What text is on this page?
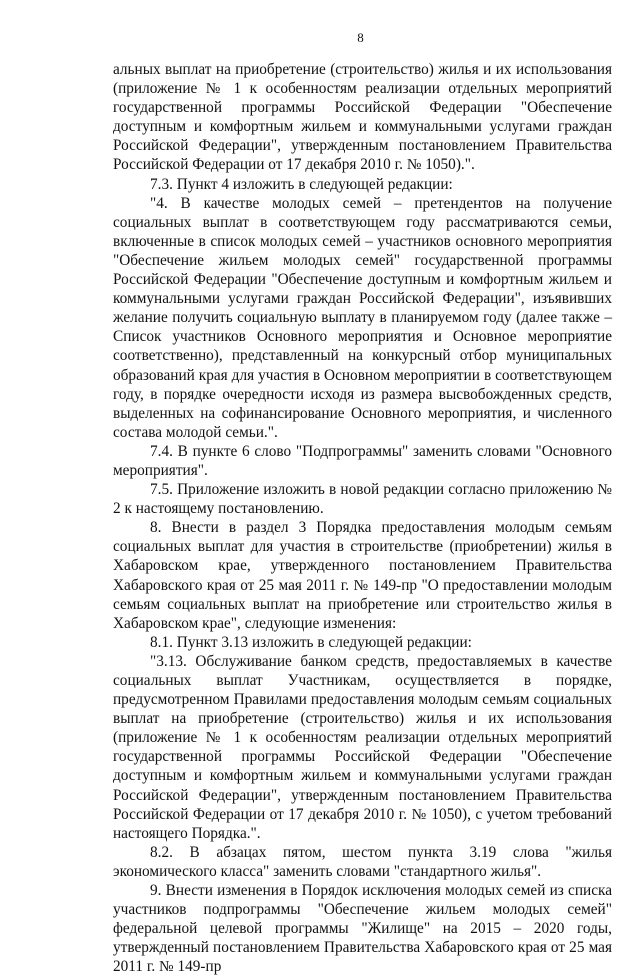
8

альных выплат на приобретение (строительство) жилья и их использования (приложение № 1 к особенностям реализации отдельных мероприятий государственной программы Российской Федерации "Обеспечение доступным и комфортным жильем и коммунальными услугами граждан Российской Федерации", утвержденным постановлением Правительства Российской Федерации от 17 декабря 2010 г. № 1050).".

7.3. Пункт 4 изложить в следующей редакции:

"4. В качестве молодых семей – претендентов на получение социальных выплат в соответствующем году рассматриваются семьи, включенные в список молодых семей – участников основного мероприятия "Обеспечение жильем молодых семей" государственной программы Российской Федерации "Обеспечение доступным и комфортным жильем и коммунальными услугами граждан Российской Федерации", изъявивших желание получить социальную выплату в планируемом году (далее также – Список участников Основного мероприятия и Основное мероприятие соответственно), представленный на конкурсный отбор муниципальных образований края для участия в Основном мероприятии в соответствующем году, в порядке очередности исходя из размера высвобожденных средств, выделенных на софинансирование Основного мероприятия, и численного состава молодой семьи.".

7.4. В пункте 6 слово "Подпрограммы" заменить словами "Основного мероприятия".

7.5. Приложение изложить в новой редакции согласно приложению № 2 к настоящему постановлению.

8. Внести в раздел 3 Порядка предоставления молодым семьям социальных выплат для участия в строительстве (приобретении) жилья в Хабаровском крае, утвержденного постановлением Правительства Хабаровского края от 25 мая 2011 г. № 149-пр "О предоставлении молодым семьям социальных выплат на приобретение или строительство жилья в Хабаровском крае", следующие изменения:

8.1. Пункт 3.13 изложить в следующей редакции:

"3.13. Обслуживание банком средств, предоставляемых в качестве социальных выплат Участникам, осуществляется в порядке, предусмотренном Правилами предоставления молодым семьям социальных выплат на приобретение (строительство) жилья и их использования (приложение № 1 к особенностям реализации отдельных мероприятий государственной программы Российской Федерации "Обеспечение доступным и комфортным жильем и коммунальными услугами граждан Российской Федерации", утвержденным постановлением Правительства Российской Федерации от 17 декабря 2010 г. № 1050), с учетом требований настоящего Порядка.".

8.2. В абзацах пятом, шестом пункта 3.19 слова "жилья экономического класса" заменить словами "стандартного жилья".

9. Внести изменения в Порядок исключения молодых семей из списка участников подпрограммы "Обеспечение жильем молодых семей" федеральной целевой программы "Жилище" на 2015 – 2020 годы, утвержденный постановлением Правительства Хабаровского края от 25 мая 2011 г. № 149-пр
